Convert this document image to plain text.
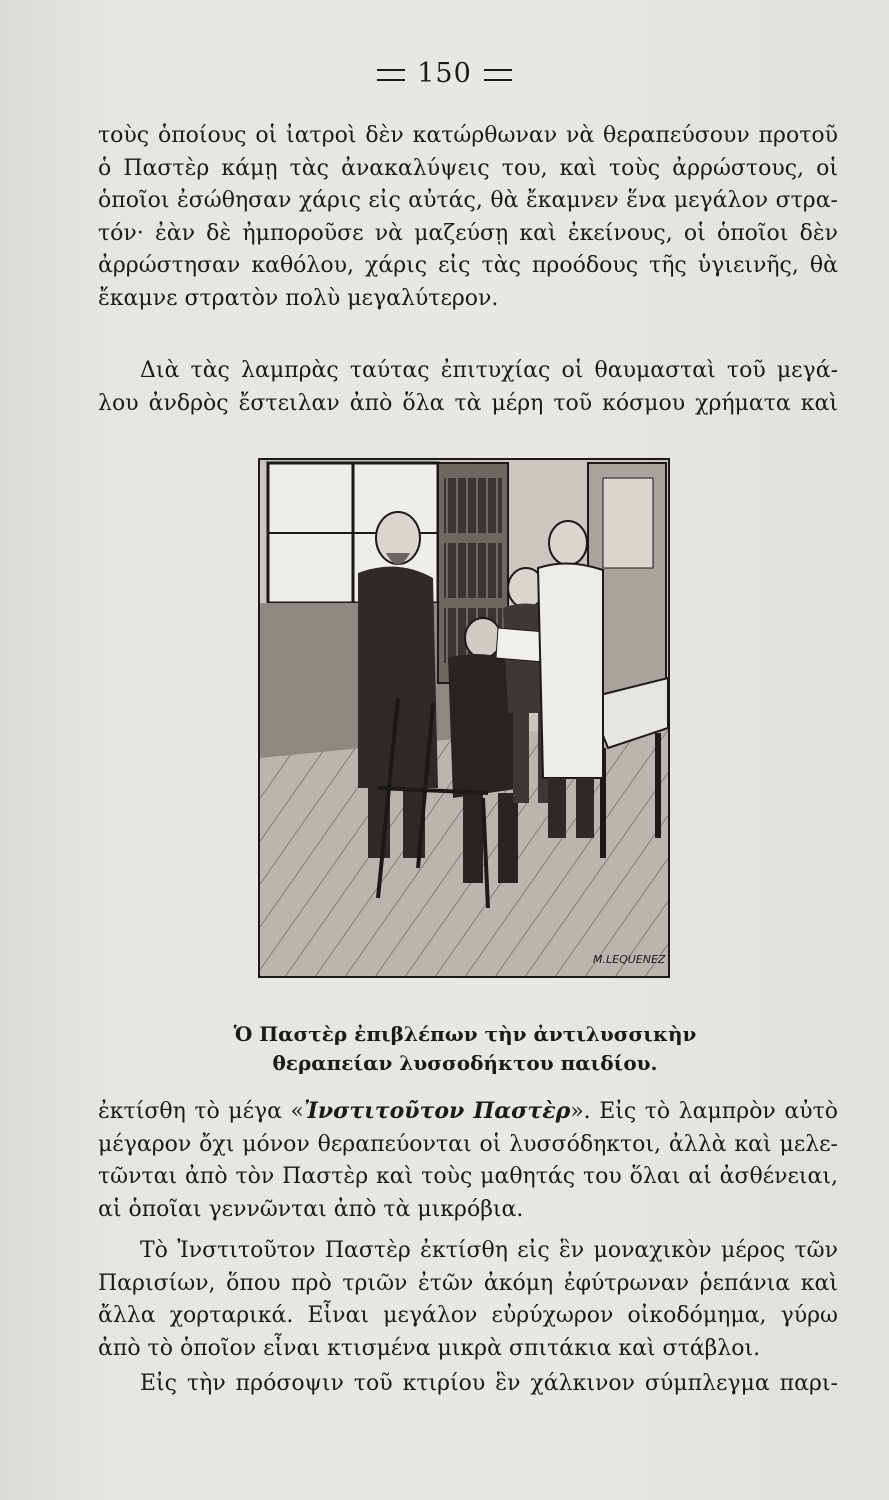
150
τοὺς ὁποίους οἱ ἰατροὶ δὲν κατώρθωναν νὰ θεραπεύσουν προτοῦ
ὁ Παστὲρ κάμῃ τὰς ἀνακαλύψεις του, καὶ τοὺς ἀρρώστους, οἱ
ὁποῖοι ἐσώθησαν χάρις εἰς αὐτάς, θὰ ἔκαμνεν ἕνα μεγάλον στρα-
τόν· ἐὰν δὲ ἠμποροῦσε νὰ μαζεύσῃ καὶ ἐκείνους, οἱ ὁποῖοι δὲν
ἀρρώστησαν καθόλου, χάρις εἰς τὰς προόδους τῆς ὑγιεινῆς, θὰ
ἔκαμνε στρατὸν πολὺ μεγαλύτερον.
Διὰ τὰς λαμπρὰς ταύτας ἐπιτυχίας οἱ θαυμασταὶ τοῦ μεγά-
λου ἀνδρὸς ἔστειλαν ἀπὸ ὅλα τὰ μέρη τοῦ κόσμου χρήματα καὶ
M.LEQUENEZ
Ὁ Παστὲρ ἐπιβλέπων τὴν ἀντιλυσσικὴν
θεραπείαν λυσσοδήκτου παιδίου.
ἐκτίσθη τὸ μέγα «Ἰνστιτοῦτον Παστὲρ». Εἰς τὸ λαμπρὸν αὐτὸ
μέγαρον ὄχι μόνον θεραπεύονται οἱ λυσσόδηκτοι, ἀλλὰ καὶ μελε-
τῶνται ἀπὸ τὸν Παστὲρ καὶ τοὺς μαθητάς του ὅλαι αἱ ἀσθένειαι,
αἱ ὁποῖαι γεννῶνται ἀπὸ τὰ μικρόβια.
Τὸ Ἰνστιτοῦτον Παστὲρ ἐκτίσθη εἰς ἓν μοναχικὸν μέρος τῶν
Παρισίων, ὅπου πρὸ τριῶν ἐτῶν ἀκόμη ἐφύτρωναν ῥεπάνια καὶ
ἄλλα χορταρικά. Εἶναι μεγάλον εὐρύχωρον οἰκοδόμημα, γύρω
ἀπὸ τὸ ὁποῖον εἶναι κτισμένα μικρὰ σπιτάκια καὶ στάβλοι.
Εἰς τὴν πρόσοψιν τοῦ κτιρίου ἓν χάλκινον σύμπλεγμα παρι-
